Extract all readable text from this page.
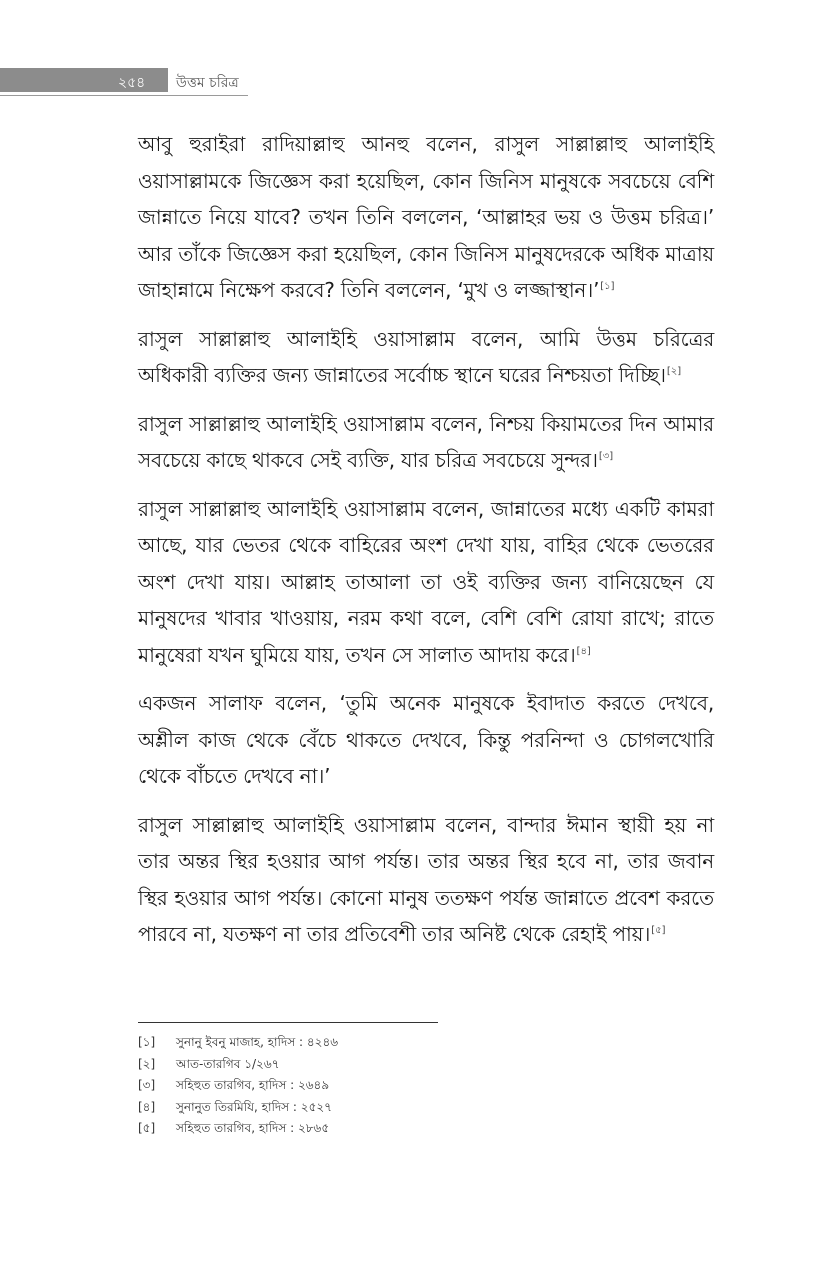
২৫৪ উত্তম চরিত্র

আবু হুরাইরা রাদিয়াল্লাহু আনহু বলেন, রাসুল সাল্লাল্লাহু আলাইহি ওয়াসাল্লামকে জিজ্ঞেস করা হয়েছিল, কোন জিনিস মানুষকে সবচেয়ে বেশি জান্নাতে নিয়ে যাবে? তখন তিনি বললেন, ‘আল্লাহর ভয় ও উত্তম চরিত্র।’ আর তাঁকে জিজ্ঞেস করা হয়েছিল, কোন জিনিস মানুষদেরকে অধিক মাত্রায় জাহান্নামে নিক্ষেপ করবে? তিনি বললেন, ‘মুখ ও লজ্জাস্থান।’[১]

রাসুল সাল্লাল্লাহু আলাইহি ওয়াসাল্লাম বলেন, আমি উত্তম চরিত্রের অধিকারী ব্যক্তির জন্য জান্নাতের সর্বোচ্চ স্থানে ঘরের নিশ্চয়তা দিচ্ছি।[২]

রাসুল সাল্লাল্লাহু আলাইহি ওয়াসাল্লাম বলেন, নিশ্চয় কিয়ামতের দিন আমার সবচেয়ে কাছে থাকবে সেই ব্যক্তি, যার চরিত্র সবচেয়ে সুন্দর।[৩]

রাসুল সাল্লাল্লাহু আলাইহি ওয়াসাল্লাম বলেন, জান্নাতের মধ্যে একটি কামরা আছে, যার ভেতর থেকে বাহিরের অংশ দেখা যায়, বাহির থেকে ভেতরের অংশ দেখা যায়। আল্লাহ তাআলা তা ওই ব্যক্তির জন্য বানিয়েছেন যে মানুষদের খাবার খাওয়ায়, নরম কথা বলে, বেশি বেশি রোযা রাখে; রাতে মানুষেরা যখন ঘুমিয়ে যায়, তখন সে সালাত আদায় করে।[৪]

একজন সালাফ বলেন, ‘তুমি অনেক মানুষকে ইবাদাত করতে দেখবে, অশ্লীল কাজ থেকে বেঁচে থাকতে দেখবে, কিন্তু পরনিন্দা ও চোগলখোরি থেকে বাঁচতে দেখবে না।’

রাসুল সাল্লাল্লাহু আলাইহি ওয়াসাল্লাম বলেন, বান্দার ঈমান স্থায়ী হয় না তার অন্তর স্থির হওয়ার আগ পর্যন্ত। তার অন্তর স্থির হবে না, তার জবান স্থির হওয়ার আগ পর্যন্ত। কোনো মানুষ ততক্ষণ পর্যন্ত জান্নাতে প্রবেশ করতে পারবে না, যতক্ষণ না তার প্রতিবেশী তার অনিষ্ট থেকে রেহাই পায়।[৫]

[১]	সুনানু ইবনু মাজাহ, হাদিস : ৪২৪৬
[২]	আত-তারগিব ১/২৬৭
[৩]	সহিহুত তারগিব, হাদিস : ২৬৪৯
[৪]	সুনানুত তিরমিযি, হাদিস : ২৫২৭
[৫]	সহিহুত তারগিব, হাদিস : ২৮৬৫
